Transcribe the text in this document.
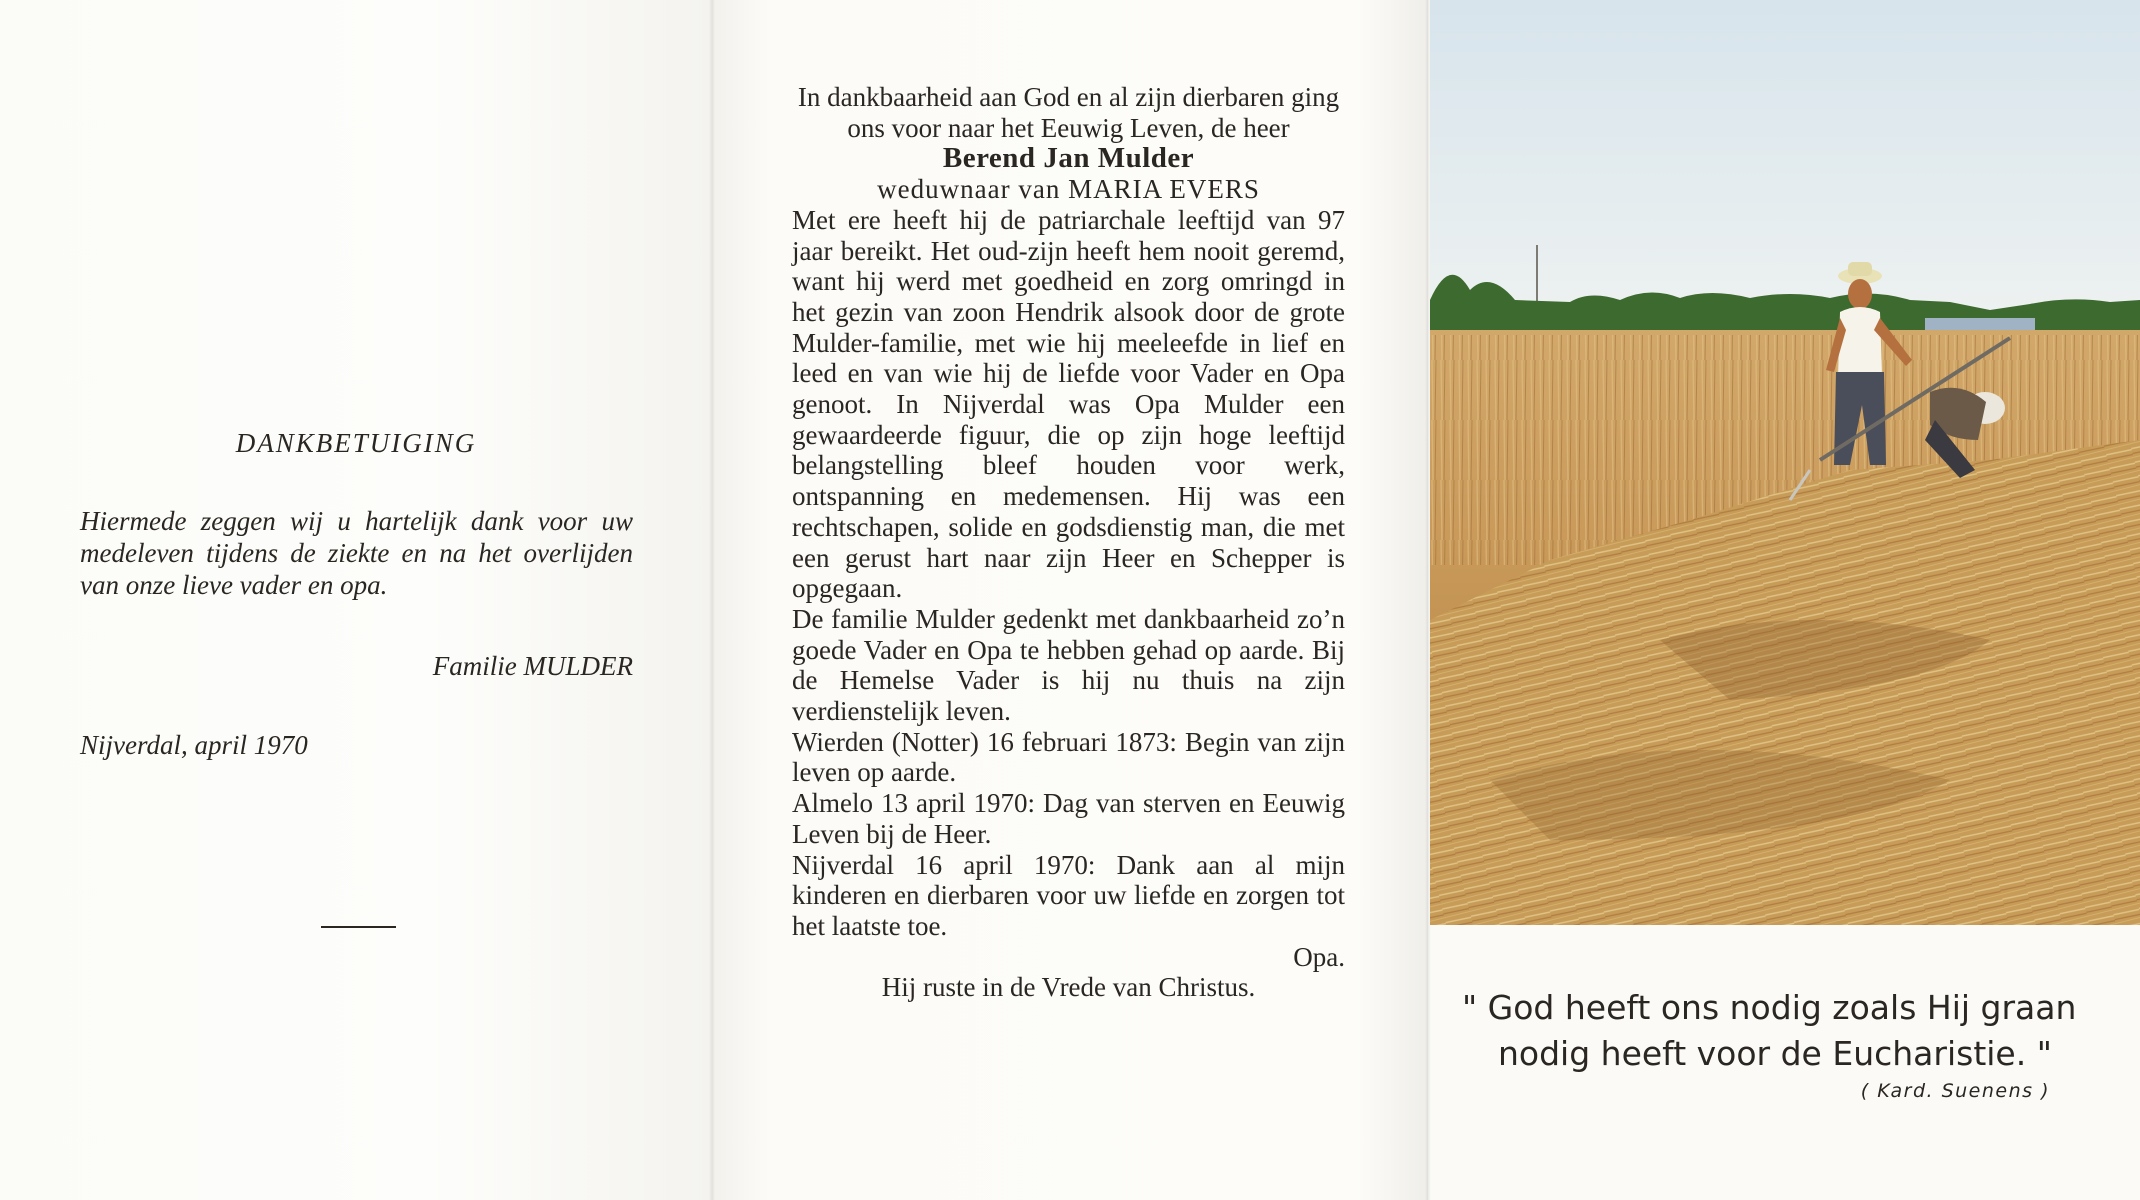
DANKBETUIGING
Hiermede zeggen wij u hartelijk dank voor uw medeleven tijdens de ziekte en na het overlijden van onze lieve vader en opa.
Familie MULDER
Nijverdal, april 1970

In dankbaarheid aan God en al zijn dierbaren ging ons voor naar het Eeuwig Leven, de heer

Berend Jan Mulder

weduwnaar van MARIA EVERS

Met ere heeft hij de patriarchale leeftijd van 97 jaar bereikt. Het oud-zijn heeft hem nooit geremd, want hij werd met goedheid en zorg omringd in het gezin van zoon Hendrik alsook door de grote Mulder-familie, met wie hij meeleefde in lief en leed en van wie hij de liefde voor Vader en Opa genoot. In Nijverdal was Opa Mulder een gewaardeerde figuur, die op zijn hoge leeftijd belangstelling bleef houden voor werk, ontspanning en medemensen. Hij was een rechtschapen, solide en godsdienstig man, die met een gerust hart naar zijn Heer en Schepper is opgegaan.

De familie Mulder gedenkt met dankbaarheid zo’n goede Vader en Opa te hebben gehad op aarde. Bij de Hemelse Vader is hij nu thuis na zijn verdienstelijk leven.

Wierden (Notter) 16 februari 1873: Begin van zijn leven op aarde.

Almelo 13 april 1970: Dag van sterven en Eeuwig Leven bij de Heer.

Nijverdal 16 april 1970: Dank aan al mijn kinderen en dierbaren voor uw liefde en zorgen tot het laatste toe.

Opa.

Hij ruste in de Vrede van Christus.

" God heeft ons nodig zoals Hij graan
nodig heeft voor de Eucharistie. "
( Kard. Suenens )
